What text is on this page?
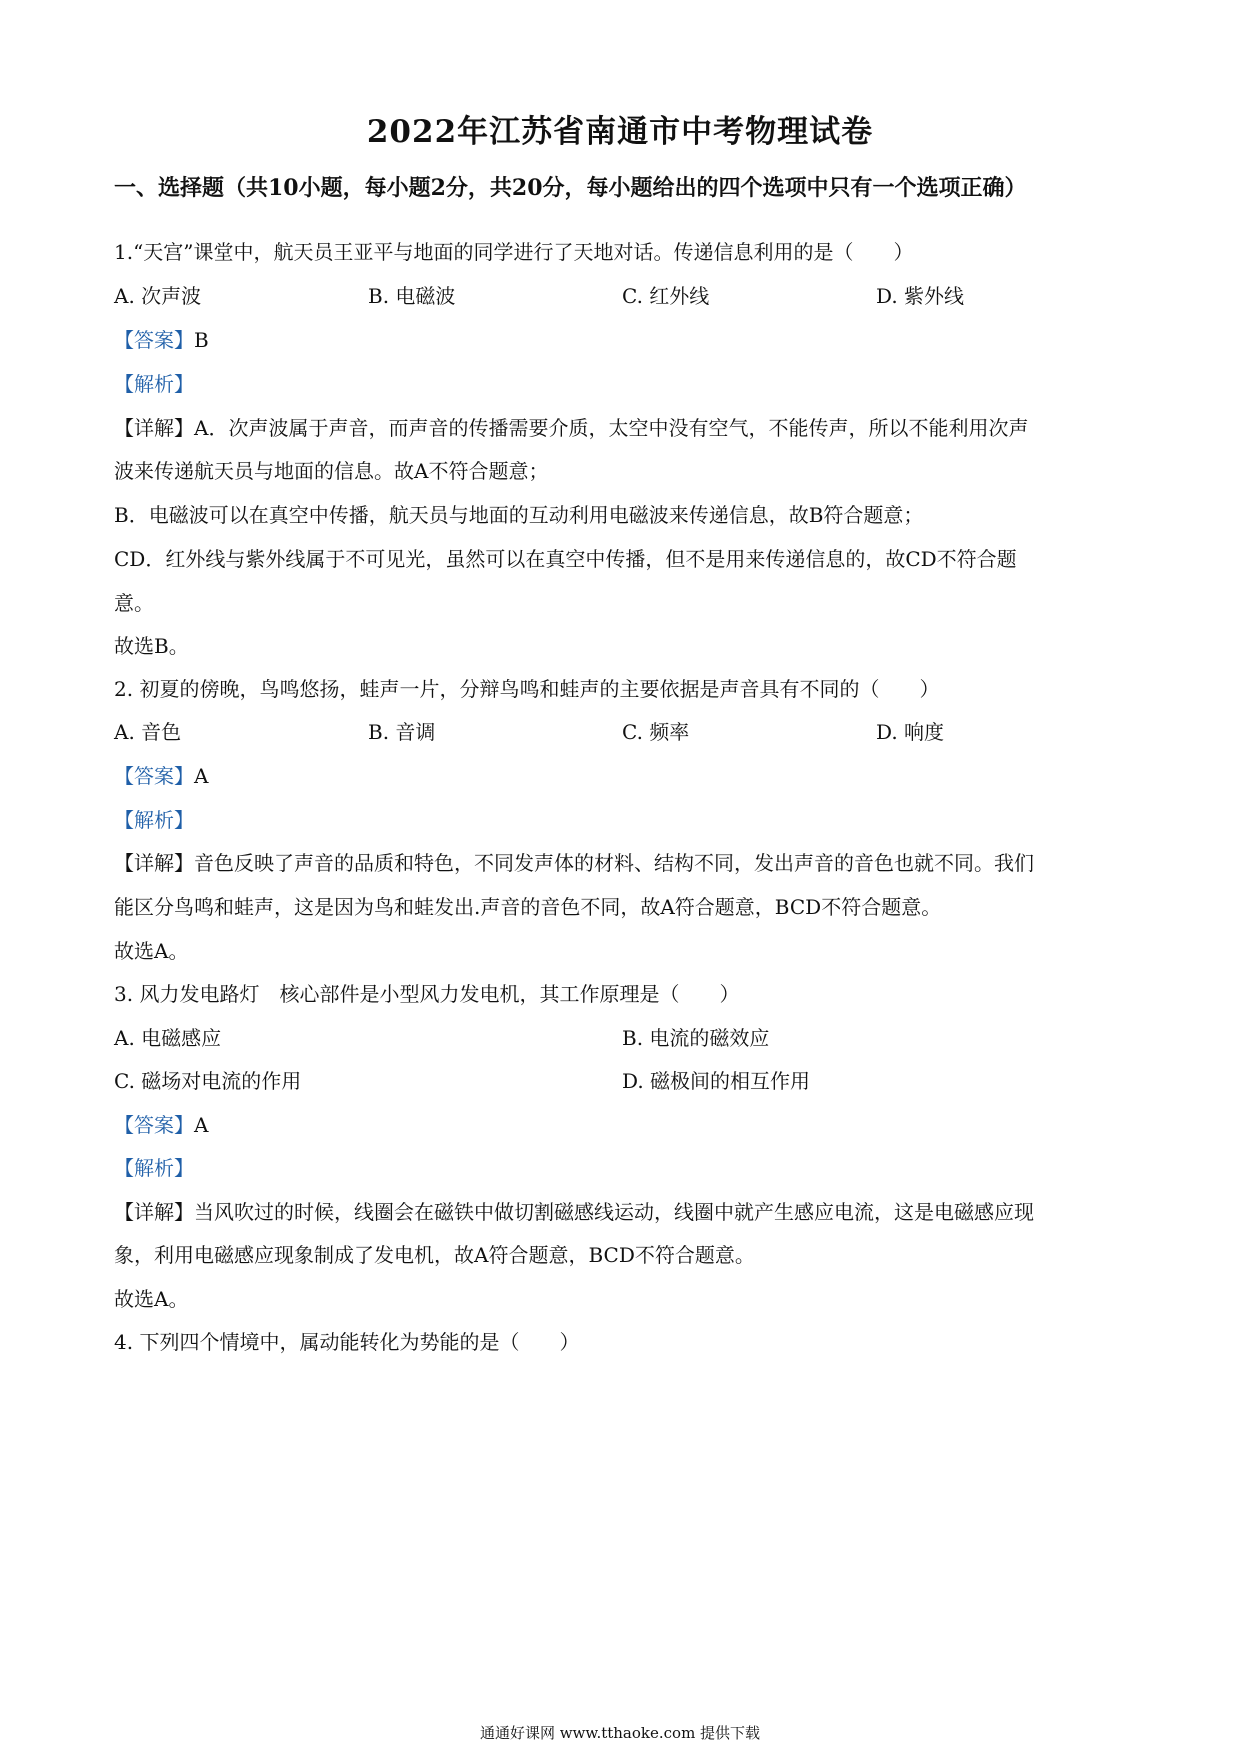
2022年江苏省南通市中考物理试卷
一、选择题（共10小题，每小题2分，共20分，每小题给出的四个选项中只有一个选项正确）
1.“天宫”课堂中，航天员王亚平与地面的同学进行了天地对话。传递信息利用的是（　　）
A. 次声波	B. 电磁波	C. 红外线	D. 紫外线
【答案】B
【解析】
【详解】A．次声波属于声音，而声音的传播需要介质，太空中没有空气，不能传声，所以不能利用次声
波来传递航天员与地面的信息。故A不符合题意；
B．电磁波可以在真空中传播，航天员与地面的互动利用电磁波来传递信息，故B符合题意；
CD．红外线与紫外线属于不可见光，虽然可以在真空中传播，但不是用来传递信息的，故CD不符合题
意。
故选B。
2. 初夏的傍晚，鸟鸣悠扬，蛙声一片，分辩鸟鸣和蛙声的主要依据是声音具有不同的（　　）
A. 音色	B. 音调	C. 频率	D. 响度
【答案】A
【解析】
【详解】音色反映了声音的品质和特色，不同发声体的材料、结构不同，发出声音的音色也就不同。我们
能区分鸟鸣和蛙声，这是因为鸟和蛙发出.声音的音色不同，故A符合题意，BCD不符合题意。
故选A。
3. 风力发电路灯　核心部件是小型风力发电机，其工作原理是（　　）
A. 电磁感应	B. 电流的磁效应
C. 磁场对电流的作用	D. 磁极间的相互作用
【答案】A
【解析】
【详解】当风吹过的时候，线圈会在磁铁中做切割磁感线运动，线圈中就产生感应电流，这是电磁感应现
象，利用电磁感应现象制成了发电机，故A符合题意，BCD不符合题意。
故选A。
4. 下列四个情境中，属动能转化为势能的是（　　）
通通好课网 www.tthaoke.com 提供下载
